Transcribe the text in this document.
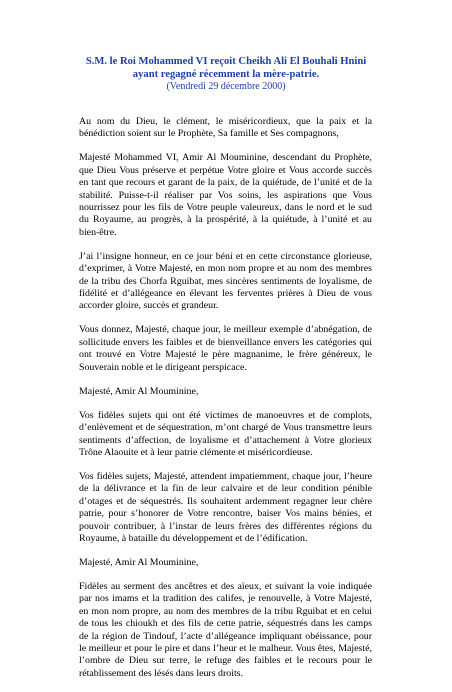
S.M. le Roi Mohammed VI reçoit Cheikh Ali El Bouhali Hnini

ayant regagné récemment la mère-patrie.

(Vendredi 29 décembre 2000)

Au nom du Dieu, le clément, le miséricordieux, que la paix et la bénédiction soient sur le Prophète, Sa famille et Ses compagnons,

Majesté Mohammed VI, Amir Al Mouminine, descendant du Prophète, que Dieu Vous préserve et perpétue Votre gloire et Vous accorde succès en tant que recours et garant de la paix, de la quiétude, de l’unité et de la stabilité. Puisse-t-il réaliser par Vos soins, les aspirations que Vous nourrissez pour les fils de Votre peuple valeureux, dans le nord et le sud du Royaume, au progrès, à la prospérité, à la quiétude, à l’unité et au bien-être.

J’ai l’insigne honneur, en ce jour béni et en cette circonstance glorieuse, d’exprimer, à Votre Majesté, en mon nom propre et au nom des membres de la tribu des Chorfa Rguibat, mes sincères sentiments de loyalisme, de fidélité et d’allégeance en élevant les ferventes prières à Dieu de vous accorder gloire, succès et grandeur.

Vous donnez, Majesté, chaque jour, le meilleur exemple d’abnégation, de sollicitude envers les faibles et de bienveillance envers les catégories qui ont trouvé en Votre Majesté le père magnanime, le frère généreux, le Souverain noble et le dirigeant perspicace.

Majesté, Amir Al Mouminine,

Vos fidèles sujets qui ont été victimes de manoeuvres et de complots, d’enlèvement et de séquestration, m’ont chargé de Vous transmettre leurs sentiments d’affection, de loyalisme et d’attachement à Votre glorieux Trône Alaouite et à leur patrie clémente et miséricordieuse.

Vos fidèles sujets, Majesté, attendent impatiemment, chaque jour, l’heure de la délivrance et la fin de leur calvaire et de leur condition pénible d’otages et de séquestrés. Ils souhaitent ardemment regagner leur chère patrie, pour s’honorer de Votre rencontre, baiser Vos mains bénies, et pouvoir contribuer, à l’instar de leurs frères des différentes régions du Royaume, à bataille du développement et de l’édification.

Majesté, Amir Al Mouminine,

Fidèles au serment des ancêtres et des aïeux, et suivant la voie indiquée par nos imams et la tradition des califes, je renouvelle, à Votre Majesté, en mon nom propre, au nom des membres de la tribu Rguibat et en celui de tous les chioukh et des fils de cette patrie, séquestrés dans les camps de la région de Tindouf, l’acte d’allégeance impliquant obéissance, pour le meilleur et pour le pire et dans l’heur et le malheur. Vous êtes, Majesté, l’ombre de Dieu sur terre, le refuge des faibles et le recours pour le rétablissement des lésés dans leurs droits.
